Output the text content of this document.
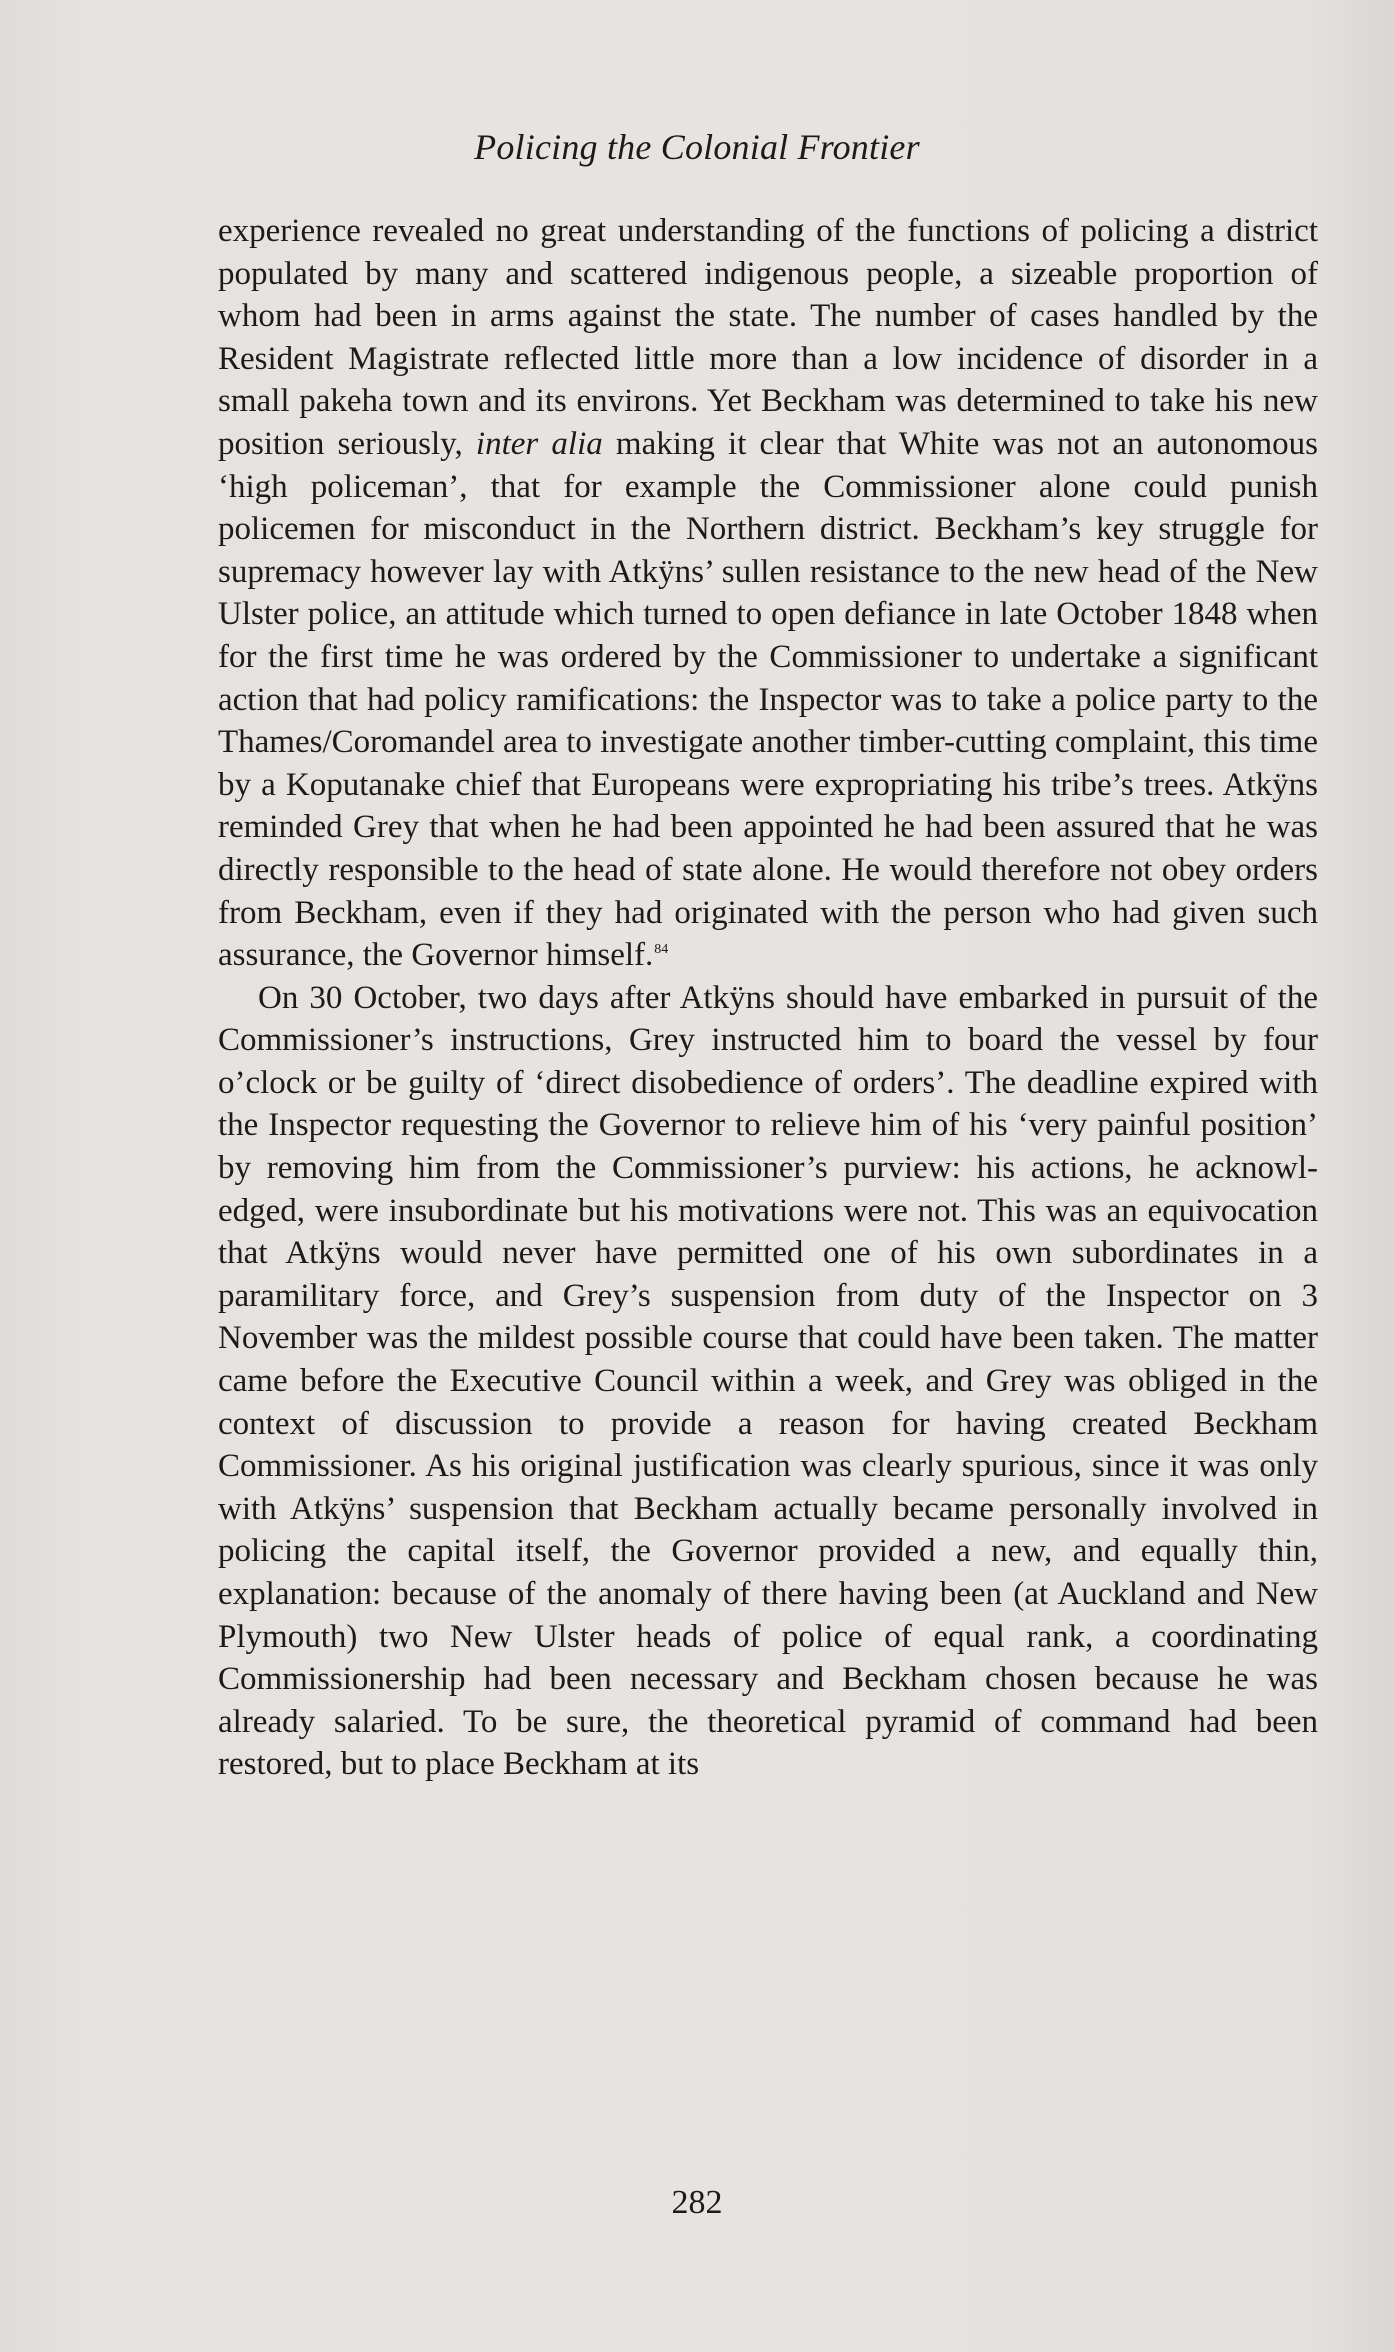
Policing the Colonial Frontier

experience revealed no great understanding of the functions of policing a district populated by many and scattered indigenous people, a sizeable proportion of whom had been in arms against the state. The number of cases handled by the Resident Magistrate reflected little more than a low incidence of disorder in a small pakeha town and its environs. Yet Beckham was determined to take his new position seriously, inter alia making it clear that White was not an autonomous ‘high policeman’, that for example the Commissioner alone could punish policemen for misconduct in the Northern district. Beckham’s key struggle for supremacy however lay with Atkÿns’ sullen resistance to the new head of the New Ulster police, an attitude which turned to open defiance in late October 1848 when for the first time he was ordered by the Commissioner to undertake a significant action that had policy ramifications: the Inspector was to take a police party to the Thames/​Coromandel area to investigate another timber-cutting complaint, this time by a Koputanake chief that Europeans were expropriating his tribe’s trees. Atkÿns reminded Grey that when he had been appointed he had been assured that he was directly responsible to the head of state alone. He would therefore not obey orders from Beckham, even if they had originated with the person who had given such assurance, the Governor himself.$^{84}$

On 30 October, two days after Atkÿns should have embarked in pursuit of the Commissioner’s instructions, Grey instructed him to board the vessel by four o’clock or be guilty of ‘direct disobedience of orders’. The deadline expired with the Inspector requesting the Governor to relieve him of his ‘very painful position’ by removing him from the Commissioner’s purview: his actions, he acknowledged, were insubordinate but his motivations were not. This was an equivocation that Atkÿns would never have permitted one of his own subordinates in a paramilitary force, and Grey’s suspension from duty of the Inspector on 3 November was the mildest possible course that could have been taken. The matter came before the Executive Council within a week, and Grey was obliged in the context of discussion to provide a reason for having created Beckham Commissioner. As his original justification was clearly spurious, since it was only with Atkÿns’ suspension that Beckham actually became personally involved in policing the capital itself, the Governor provided a new, and equally thin, explanation: because of the anomaly of there having been (at Auckland and New Plymouth) two New Ulster heads of police of equal rank, a coordinating Commissionership had been necessary and Beckham chosen because he was already salaried. To be sure, the theoretical pyramid of command had been restored, but to place Beckham at its

282
